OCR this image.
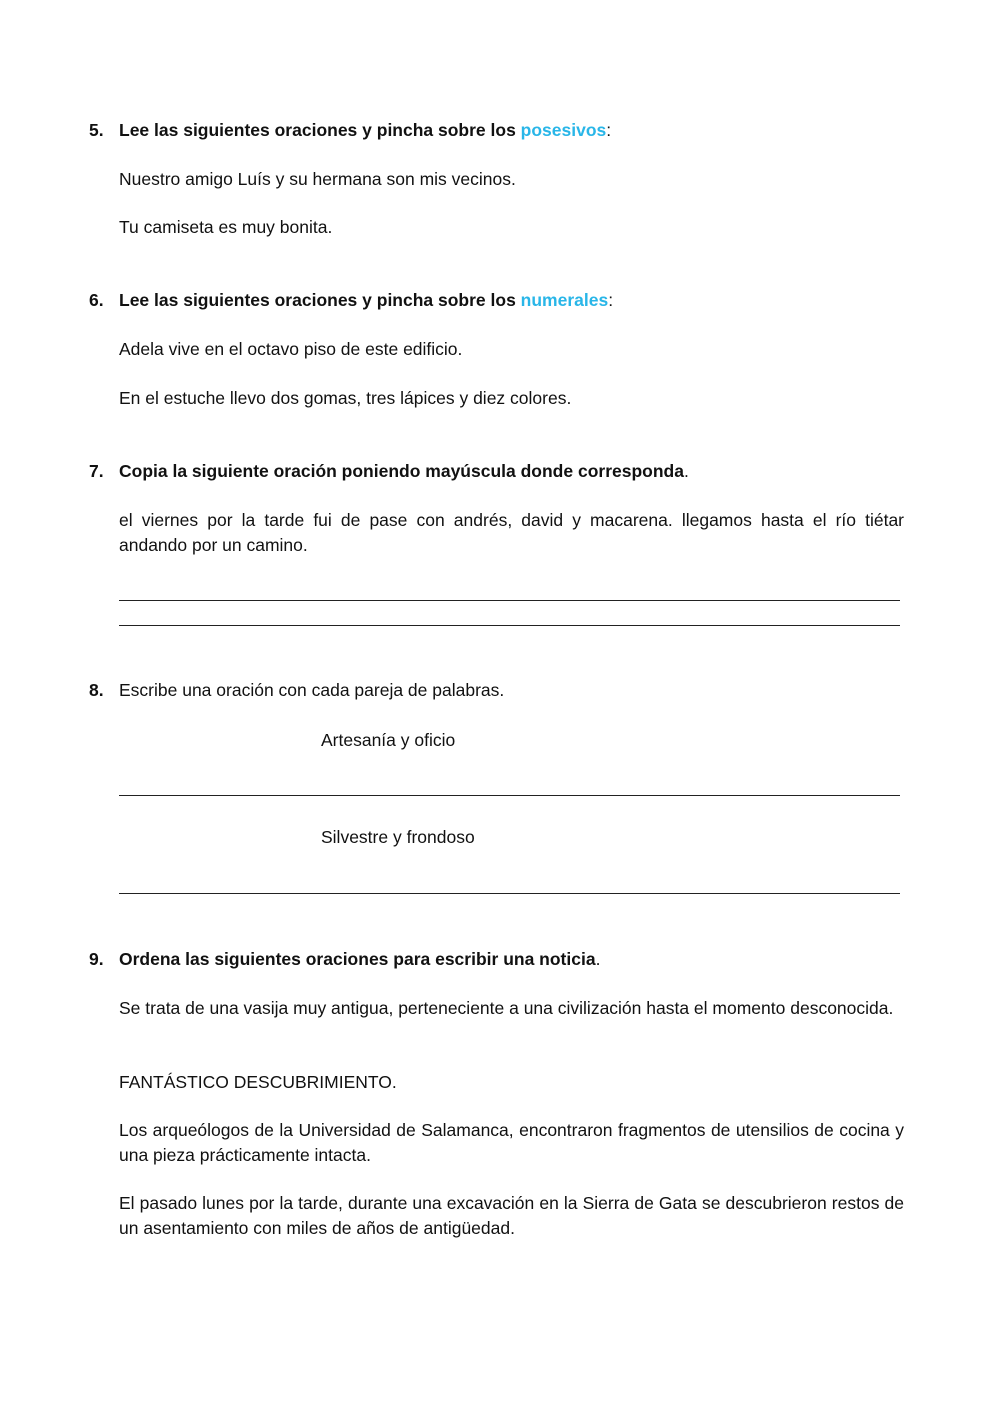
5. Lee las siguientes oraciones y pincha sobre los posesivos:
Nuestro amigo Luís y su hermana son mis vecinos.
Tu camiseta es muy bonita.
6. Lee las siguientes oraciones y pincha sobre los numerales:
Adela vive en el octavo piso de este edificio.
En el estuche llevo dos gomas, tres lápices y diez colores.
7. Copia la siguiente oración poniendo mayúscula donde corresponda.
el viernes por la tarde fui de pase con andrés, david y macarena. llegamos hasta el río tiétar andando por un camino.
8. Escribe una oración con cada pareja de palabras.
Artesanía y oficio
Silvestre y frondoso
9. Ordena las siguientes oraciones para escribir una noticia.
Se trata de una vasija muy antigua, perteneciente a una civilización hasta el momento desconocida.
FANTÁSTICO DESCUBRIMIENTO.
Los arqueólogos de la Universidad de Salamanca, encontraron fragmentos de utensilios de cocina y una pieza prácticamente intacta.
El pasado lunes por la tarde, durante una excavación en la Sierra de Gata se descubrieron restos de un asentamiento con miles de años de antigüedad.
